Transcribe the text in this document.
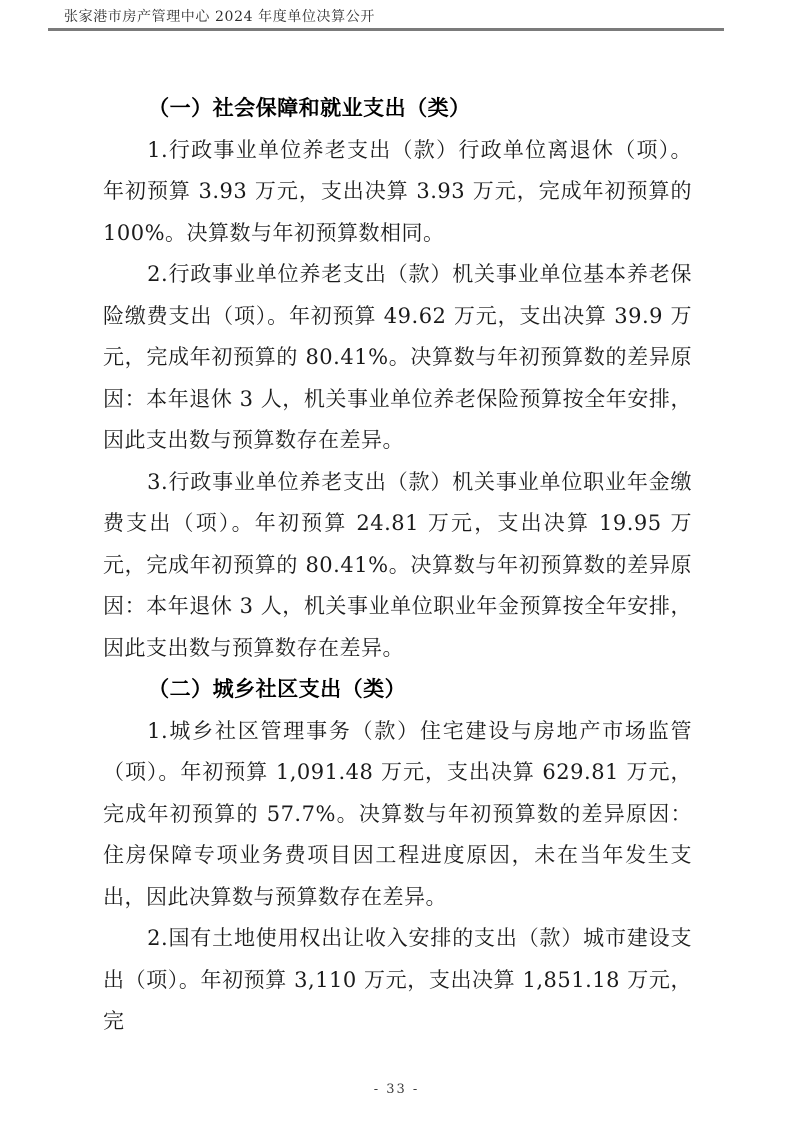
张家港市房产管理中心 2024 年度单位决算公开
（一）社会保障和就业支出（类）

1.行政事业单位养老支出（款）行政单位离退休（项）。年初预算 3.93 万元，支出决算 3.93 万元，完成年初预算的 100%。决算数与年初预算数相同。

2.行政事业单位养老支出（款）机关事业单位基本养老保险缴费支出（项）。年初预算 49.62 万元，支出决算 39.9 万元，完成年初预算的 80.41%。决算数与年初预算数的差异原因：本年退休 3 人，机关事业单位养老保险预算按全年安排，因此支出数与预算数存在差异。

3.行政事业单位养老支出（款）机关事业单位职业年金缴费支出（项）。年初预算 24.81 万元，支出决算 19.95 万元，完成年初预算的 80.41%。决算数与年初预算数的差异原因：本年退休 3 人，机关事业单位职业年金预算按全年安排，因此支出数与预算数存在差异。

（二）城乡社区支出（类）

1.城乡社区管理事务（款）住宅建设与房地产市场监管（项）。年初预算 1,091.48 万元，支出决算 629.81 万元，完成年初预算的 57.7%。决算数与年初预算数的差异原因：住房保障专项业务费项目因工程进度原因，未在当年发生支出，因此决算数与预算数存在差异。

2.国有土地使用权出让收入安排的支出（款）城市建设支出（项）。年初预算 3,110 万元，支出决算 1,851.18 万元，完

- 33 -
